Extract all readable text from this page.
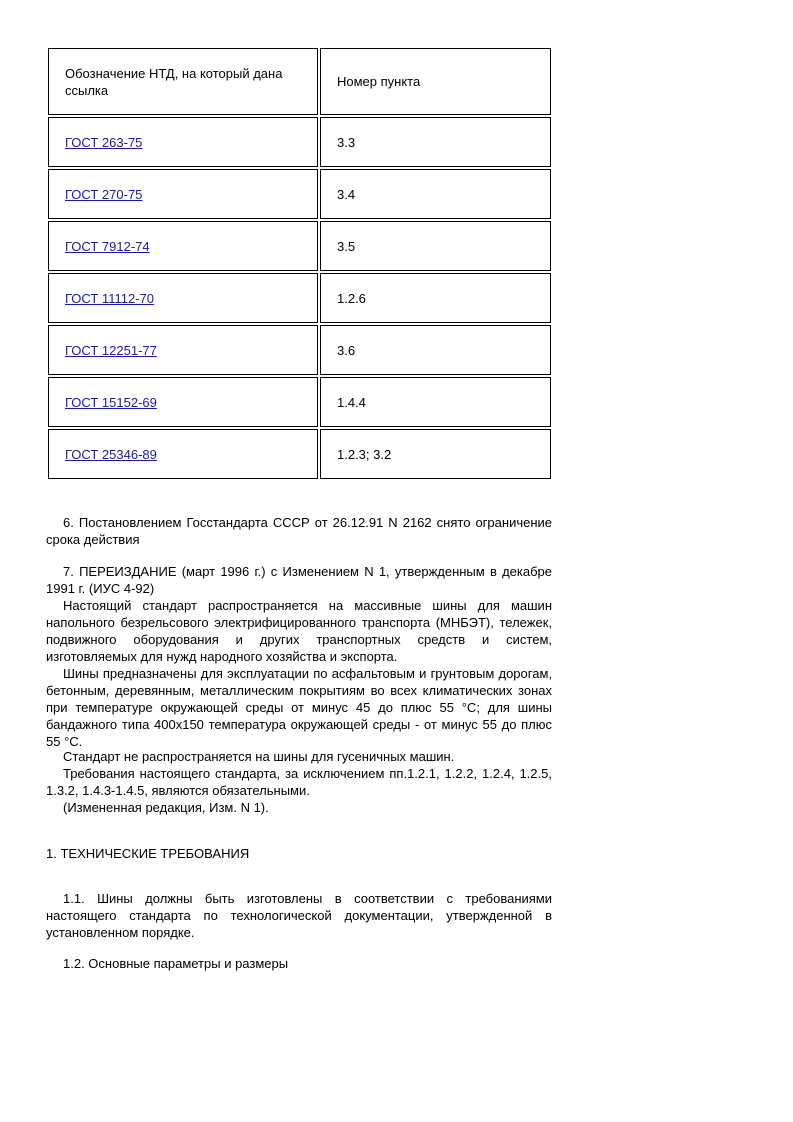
Обозначение НТД, на который дана ссылка	Номер пункта
ГОСТ 263-75	3.3
ГОСТ 270-75	3.4
ГОСТ 7912-74	3.5
ГОСТ 11112-70	1.2.6
ГОСТ 12251-77	3.6
ГОСТ 15152-69	1.4.4
ГОСТ 25346-89	1.2.3; 3.2

6. Постановлением Госстандарта СССР от 26.12.91 N 2162 снято ограничение срока действия

7. ПЕРЕИЗДАНИЕ (март 1996 г.) с Изменением N 1, утвержденным в декабре 1991 г. (ИУС 4-92)

Настоящий стандарт распространяется на массивные шины для машин напольного безрельсового электрифицированного транспорта (МНБЭТ), тележек, подвижного оборудования и других транспортных средств и систем, изготовляемых для нужд народного хозяйства и экспорта.

Шины предназначены для эксплуатации по асфальтовым и грунтовым дорогам, бетонным, деревянным, металлическим покрытиям во всех климатических зонах при температуре окружающей среды от минус 45 до плюс 55 °С; для шины бандажного типа 400x150 температура окружающей среды - от минус 55 до плюс 55 °С.

Стандарт не распространяется на шины для гусеничных машин.

Требования настоящего стандарта, за исключением пп.1.2.1, 1.2.2, 1.2.4, 1.2.5, 1.3.2, 1.4.3-1.4.5, являются обязательными.

(Измененная редакция, Изм. N 1).

1. ТЕХНИЧЕСКИЕ ТРЕБОВАНИЯ

1.1. Шины должны быть изготовлены в соответствии с требованиями настоящего стандарта по технологической документации, утвержденной в установленном порядке.

1.2. Основные параметры и размеры
